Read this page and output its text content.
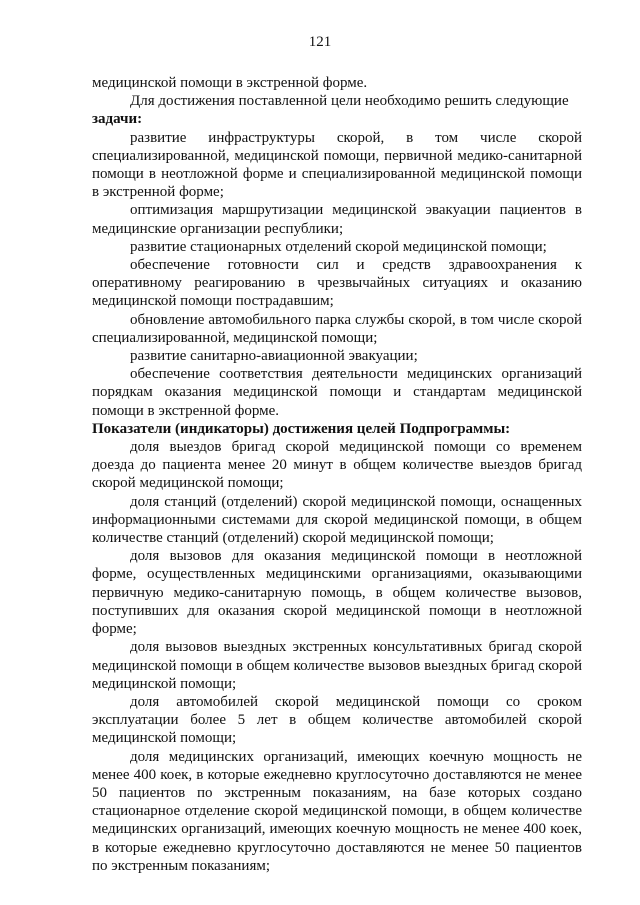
121

медицинской помощи в экстренной форме.

Для достижения поставленной цели необходимо решить следующие

задачи:

развитие инфраструктуры скорой, в том числе скорой специализированной, медицинской помощи, первичной медико-санитарной помощи в неотложной форме и специализированной медицинской помощи в экстренной форме;

оптимизация маршрутизации медицинской эвакуации пациентов в медицинские организации республики;

развитие стационарных отделений скорой медицинской помощи;

обеспечение готовности сил и средств здравоохранения к оперативному реагированию в чрезвычайных ситуациях и оказанию медицинской помощи пострадавшим;

обновление автомобильного парка службы скорой, в том числе скорой специализированной, медицинской помощи;

развитие санитарно-авиационной эвакуации;

обеспечение соответствия деятельности медицинских организаций порядкам оказания медицинской помощи и стандартам медицинской помощи в экстренной форме.

Показатели (индикаторы) достижения целей Подпрограммы:

доля выездов бригад скорой медицинской помощи со временем доезда до пациента менее 20 минут в общем количестве выездов бригад скорой медицинской помощи;

доля станций (отделений) скорой медицинской помощи, оснащенных информационными системами для скорой медицинской помощи, в общем количестве станций (отделений) скорой медицинской помощи;

доля вызовов для оказания медицинской помощи в неотложной форме, осуществленных медицинскими организациями, оказывающими первичную медико-санитарную помощь, в общем количестве вызовов, поступивших для оказания скорой медицинской помощи в неотложной форме;

доля вызовов выездных экстренных консультативных бригад скорой медицинской помощи в общем количестве вызовов выездных бригад скорой медицинской помощи;

доля автомобилей скорой медицинской помощи со сроком эксплуатации более 5 лет в общем количестве автомобилей скорой медицинской помощи;

доля медицинских организаций, имеющих коечную мощность не менее 400 коек, в которые ежедневно круглосуточно доставляются не менее 50 пациентов по экстренным показаниям, на базе которых создано стационарное отделение скорой медицинской помощи, в общем количестве медицинских организаций, имеющих коечную мощность не менее 400 коек, в которые ежедневно круглосуточно доставляются не менее 50 пациентов по экстренным показаниям;
